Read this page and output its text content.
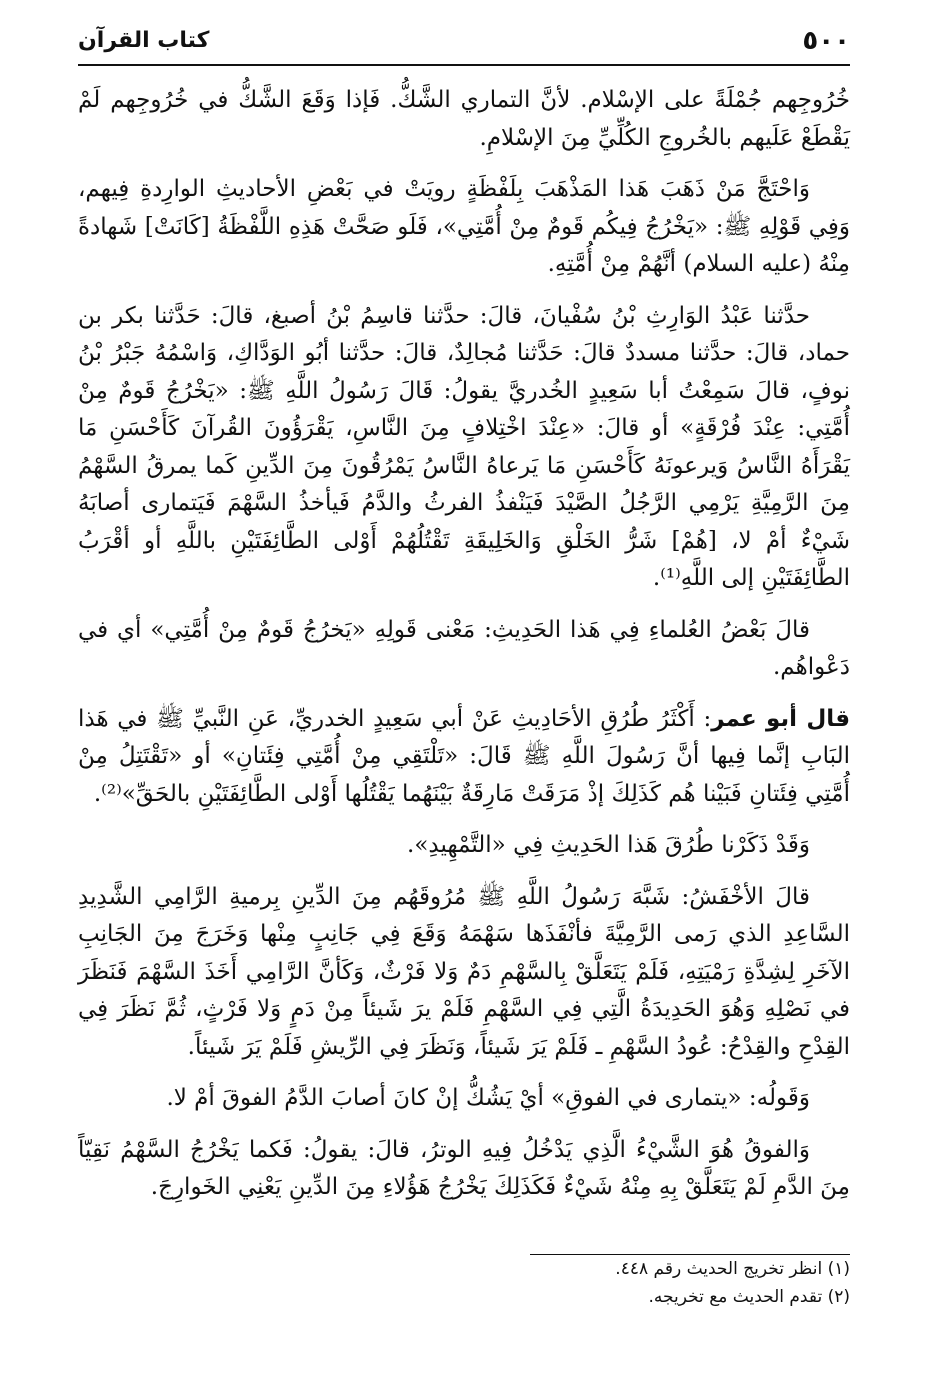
٥٠٠
كتاب القرآن

خُرُوجِهم جُمْلَةً على الإسْلام. لأنَّ التماري الشَّكُّ. فَإذا وَقَعَ الشَّكُّ في خُرُوجِهم لَمْ يَقْطَعْ عَلَيهم بالخُروجِ الكُلِّيِّ مِنَ الإسْلامِ.

وَاحْتَجَّ مَنْ ذَهَبَ هَذا المَذْهَبَ بِلَفْظَةٍ رويَتْ في بَعْضِ الأحاديثِ الوارِدةِ فِيهم، وَفِي قَوْلِهِ ﷺ: «يَخْرُجُ فِيكُم قَومٌ مِنْ أُمَّتِي»، فَلَو صَحَّتْ هَذِهِ اللَّفْظَةُ [كَانَتْ] شَهادةً مِنْهُ (عليه السلام) أنَّهُمْ مِنْ أُمَّتِهِ.

حدَّثنا عَبْدُ الوَارِثِ بْنُ سُفْيانَ، قالَ: حدَّثنا قاسِمُ بْنُ أصبغ، قالَ: حَدَّثنا بكر بن حماد، قالَ: حدَّثنا مسددٌ قالَ: حَدَّثنا مُجالِدٌ، قالَ: حدَّثنا أبُو الوَدَّاكِ، وَاسْمُهُ جَبْرُ بْنُ نوفٍ، قالَ سَمِعْتُ أبا سَعِيدٍ الخُدريَّ يقولُ: قَالَ رَسُولُ اللَّهِ ﷺ: «يَخْرُجُ قَومٌ مِنْ أُمَّتِي: عِنْدَ فُرْقَةٍ» أو قالَ: «عِنْدَ اخْتِلافٍ مِنَ النَّاسِ، يَقْرَؤُونَ القُرآنَ كَأَحْسَنِ مَا يَقْرَأَهُ النَّاسُ وَيرعونَهُ كَأَحْسَنِ مَا يَرعاهُ النَّاسُ يَمْرُقُونَ مِنَ الدِّينِ كَما يمرقُ السَّهْمُ مِنَ الرَّمِيَّةِ يَرْمِي الرَّجُلُ الصَّيْدَ فَيَنْفذُ الفرثُ والدَّمُ فَيأخذُ السَّهْمَ فَيَتمارى أصابَهُ شَيْءٌ أمْ لا، [هُمْ] شَرُّ الخَلْقِ وَالخَلِيقَةِ تَقْتُلُهُمْ أَوْلى الطَّائِفَتَيْنِ باللَّهِ أو أقْرَبُ الطَّائِفَتَيْنِ إلى اللَّهِ⁽¹⁾.

قالَ بَعْضُ العُلماءِ فِي هَذا الحَدِيثِ: مَعْنى قَولِهِ «يَخرُجُ قَومٌ مِنْ أُمَّتِي» أي في دَعْواهُم.

قال أبو عمر: أَكْثَرُ طُرُقِ الأحَادِيثِ عَنْ أبي سَعِيدٍ الخدريِّ، عَنِ النَّبيِّ ﷺ في هَذا البَابِ إنَّما فِيها أنَّ رَسُولَ اللَّهِ ﷺ قَالَ: «تَلْتَقِي مِنْ أُمَّتِي فِئَتانِ» أو «تَقْتَتِلُ مِنْ أُمَّتِي فِئَتانِ فَبَيْنا هُم كَذَلِكَ إذْ مَرَقَتْ مَارِقَةٌ بَيْنَهُما يَقْتُلُها أَوْلى الطَّائِفَتَيْنِ بالحَقِّ»⁽²⁾.

وَقَدْ ذَكَرْنا طُرُقَ هَذا الحَدِيثِ فِي «التَّمْهِيدِ».

قالَ الأخْفَشُ: شَبَّهَ رَسُولُ اللَّهِ ﷺ مُرُوقَهُم مِنَ الدِّينِ بِرميةِ الرَّامِي الشَّدِيدِ السَّاعِدِ الذي رَمى الرَّمِيَّةَ فأنْفَذَها سَهْمَهُ وَقَعَ فِي جَانِبٍ مِنْها وَخَرَجَ مِنَ الجَانِبِ الآخَرِ لِشِدَّةِ رَمْيَتِهِ، فَلَمْ يَتَعَلَّقْ بِالسَّهْمِ دَمٌ وَلا فَرْثٌ، وَكَأنَّ الرَّامِي أَخَذَ السَّهْمَ فَنَظَرَ في نَصْلِهِ وَهُوَ الحَدِيدَةُ الَّتِي فِي السَّهْمِ فَلَمْ يرَ شَيئاً مِنْ دَمٍ وَلا فَرْثٍ، ثُمَّ نَظَرَ فِي القِدْحِ والقِدْحُ: عُودُ السَّهْمِ ـ فَلَمْ يَرَ شَيئاً، وَنَظَرَ فِي الرِّيشِ فَلَمْ يَرَ شَيئاً.

وَقَولُه: «يتمارى في الفوقِ» أيْ يَشُكُّ إنْ كانَ أصابَ الدَّمُ الفوقَ أمْ لا.

وَالفوقُ هُوَ الشَّيْءُ الَّذِي يَدْخُلُ فِيهِ الوترُ، قالَ: يقولُ: فَكما يَخْرُجُ السَّهْمُ نَقِيّاً مِنَ الدَّمِ لَمْ يَتَعَلَّقْ بِهِ مِنْهُ شَيْءٌ فَكَذَلِكَ يَخْرُجُ هَؤُلاءِ مِنَ الدِّينِ يَعْنِي الخَوارِجَ.

(١) انظر تخريج الحديث رقم ٤٤٨.
(٢) تقدم الحديث مع تخريجه.
